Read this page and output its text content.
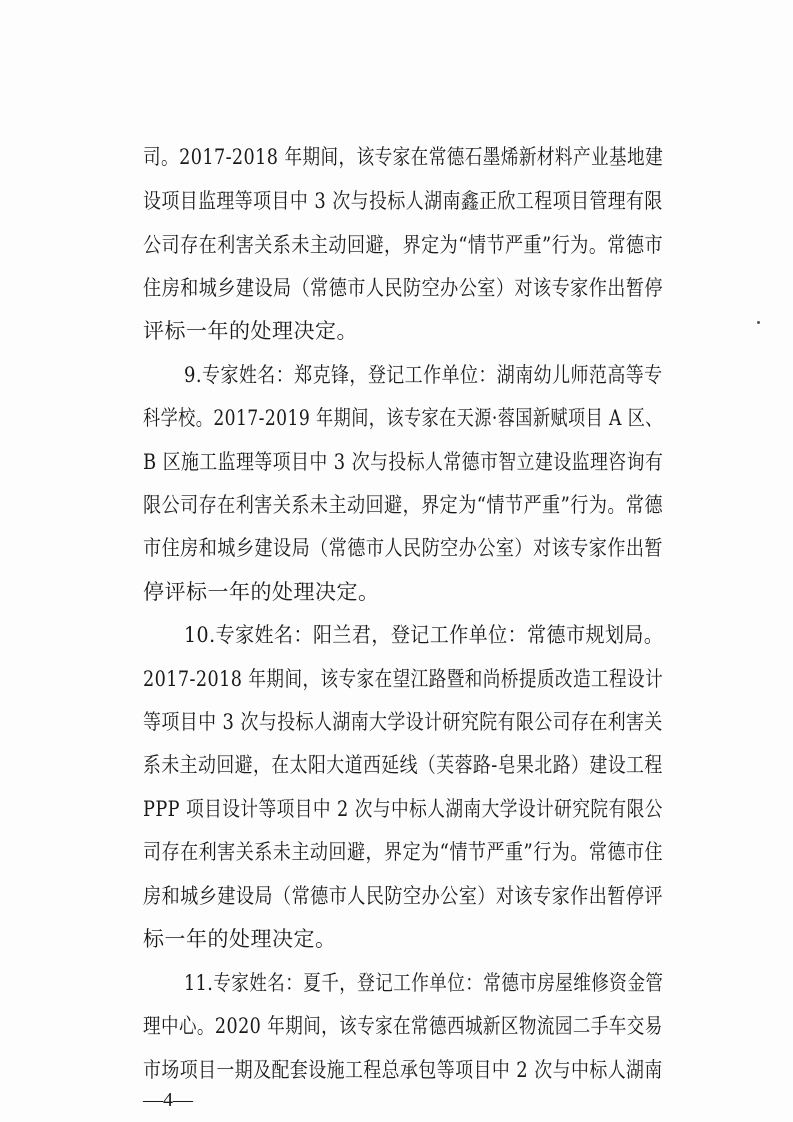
司。2017-2018 年期间，该专家在常德石墨烯新材料产业基地建
设项目监理等项目中 3 次与投标人湖南鑫正欣工程项目管理有限
公司存在利害关系未主动回避，界定为“情节严重”行为。常德市
住房和城乡建设局（常德市人民防空办公室）对该专家作出暂停
评标一年的处理决定。
9.专家姓名：郑克锋，登记工作单位：湖南幼儿师范高等专
科学校。2017-2019 年期间，该专家在天源·蓉国新赋项目 A 区、
B 区施工监理等项目中 3 次与投标人常德市智立建设监理咨询有
限公司存在利害关系未主动回避，界定为“情节严重”行为。常德
市住房和城乡建设局（常德市人民防空办公室）对该专家作出暂
停评标一年的处理决定。
10.专家姓名：阳兰君，登记工作单位：常德市规划局。
2017-2018 年期间，该专家在望江路暨和尚桥提质改造工程设计
等项目中 3 次与投标人湖南大学设计研究院有限公司存在利害关
系未主动回避，在太阳大道西延线（芙蓉路-皂果北路）建设工程
PPP 项目设计等项目中 2 次与中标人湖南大学设计研究院有限公
司存在利害关系未主动回避，界定为“情节严重”行为。常德市住
房和城乡建设局（常德市人民防空办公室）对该专家作出暂停评
标一年的处理决定。
11.专家姓名：夏千，登记工作单位：常德市房屋维修资金管
理中心。2020 年期间，该专家在常德西城新区物流园二手车交易
市场项目一期及配套设施工程总承包等项目中 2 次与中标人湖南
—4—
